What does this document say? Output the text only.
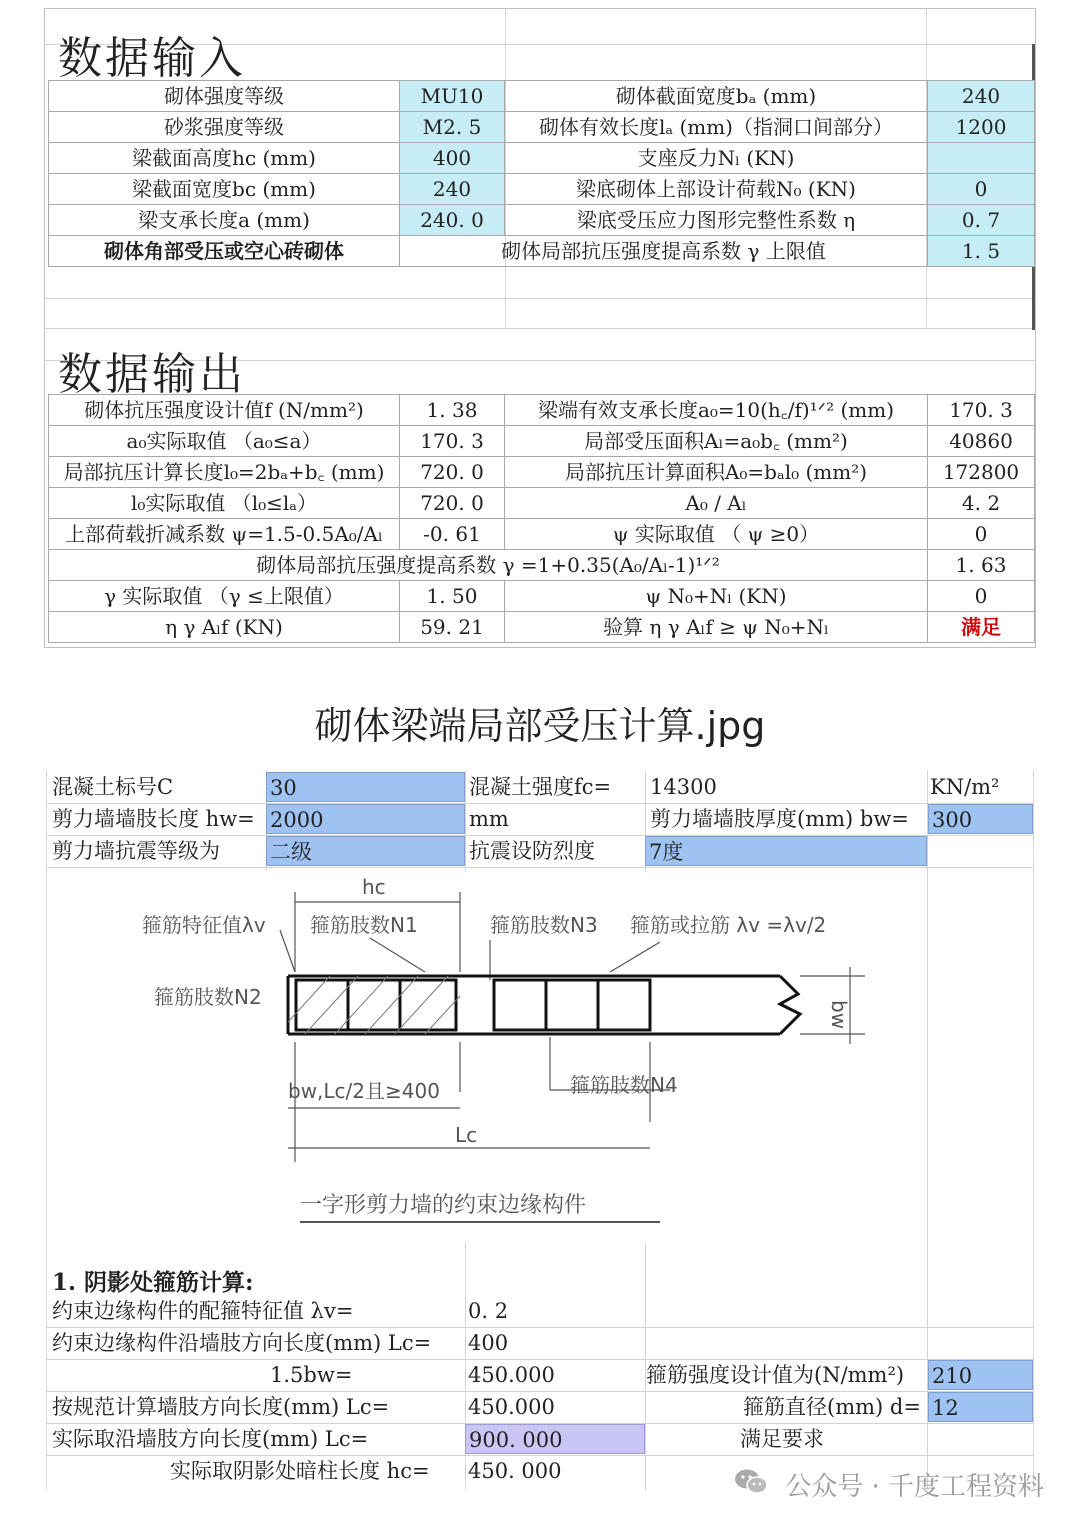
数据输入
砌体强度等级	MU10	砌体截面宽度bₐ (mm)	240
砂浆强度等级	M2. 5	砌体有效长度lₐ (mm)（指洞口间部分）	1200
梁截面高度hᴄ (mm)	400	支座反力Nₗ (KN)	
梁截面宽度bᴄ (mm)	240	梁底砌体上部设计荷载N₀ (KN)	0
梁支承长度a (mm)	240. 0	梁底受压应力图形完整性系数 η	0. 7
砌体角部受压或空心砖砌体	砌体局部抗压强度提高系数 γ 上限值		1. 5
数据输出
砌体抗压强度设计值f (N/mm²)	1. 38	梁端有效支承长度a₀=10(h꜀/f)¹ᐟ² (mm)	170. 3
a₀实际取值 （a₀≤a）	170. 3	局部受压面积Aₗ=a₀b꜀ (mm²)	40860
局部抗压计算长度l₀=2bₐ+b꜀ (mm)	720. 0	局部抗压计算面积A₀=bₐl₀ (mm²)	172800
l₀实际取值 （l₀≤lₐ）	720. 0	A₀ / Aₗ	4. 2
上部荷载折减系数 ψ=1.5-0.5A₀/Aₗ	-0. 61	ψ 实际取值 （ ψ ≥0）	0
砌体局部抗压强度提高系数 γ =1+0.35(A₀/Aₗ-1)¹ᐟ²			1. 63
γ 实际取值 （γ ≤上限值）	1. 50	ψ N₀+Nₗ (KN)	0
η γ Aₗf (KN)	59. 21	验算 η γ Aₗf ≥ ψ N₀+Nₗ	满足
砌体梁端局部受压计算.jpg
混凝土标号C	30	混凝土强度fc= 14300	KN/m²
剪力墙墙肢长度 hw= 2000	mm	剪力墙墙肢厚度(mm) bw= 300
剪力墙抗震等级为 二级	抗震设防烈度	7度
hc
箍筋特征值λv 箍筋肢数N1	箍筋肢数N3 箍筋或拉筋 λv =λv/2
箍筋肢数N2
bw
bw,Lc/2且≥400	箍筋肢数N4
Lc
一字形剪力墙的约束边缘构件
1. 阴影处箍筋计算:
约束边缘构件的配箍特征值 λv=	0. 2
约束边缘构件沿墙肢方向长度(mm) Lc= 400
1.5bw=	450.000	箍筋强度设计值为(N/mm²) 210
按规范计算墙肢方向长度(mm) Lc=	450.000	箍筋直径(mm) d= 12
实际取沿墙肢方向长度(mm) Lc=	900. 000	满足要求
实际取阴影处暗柱长度 hc= 450. 000
公众号 · 千度工程资料
